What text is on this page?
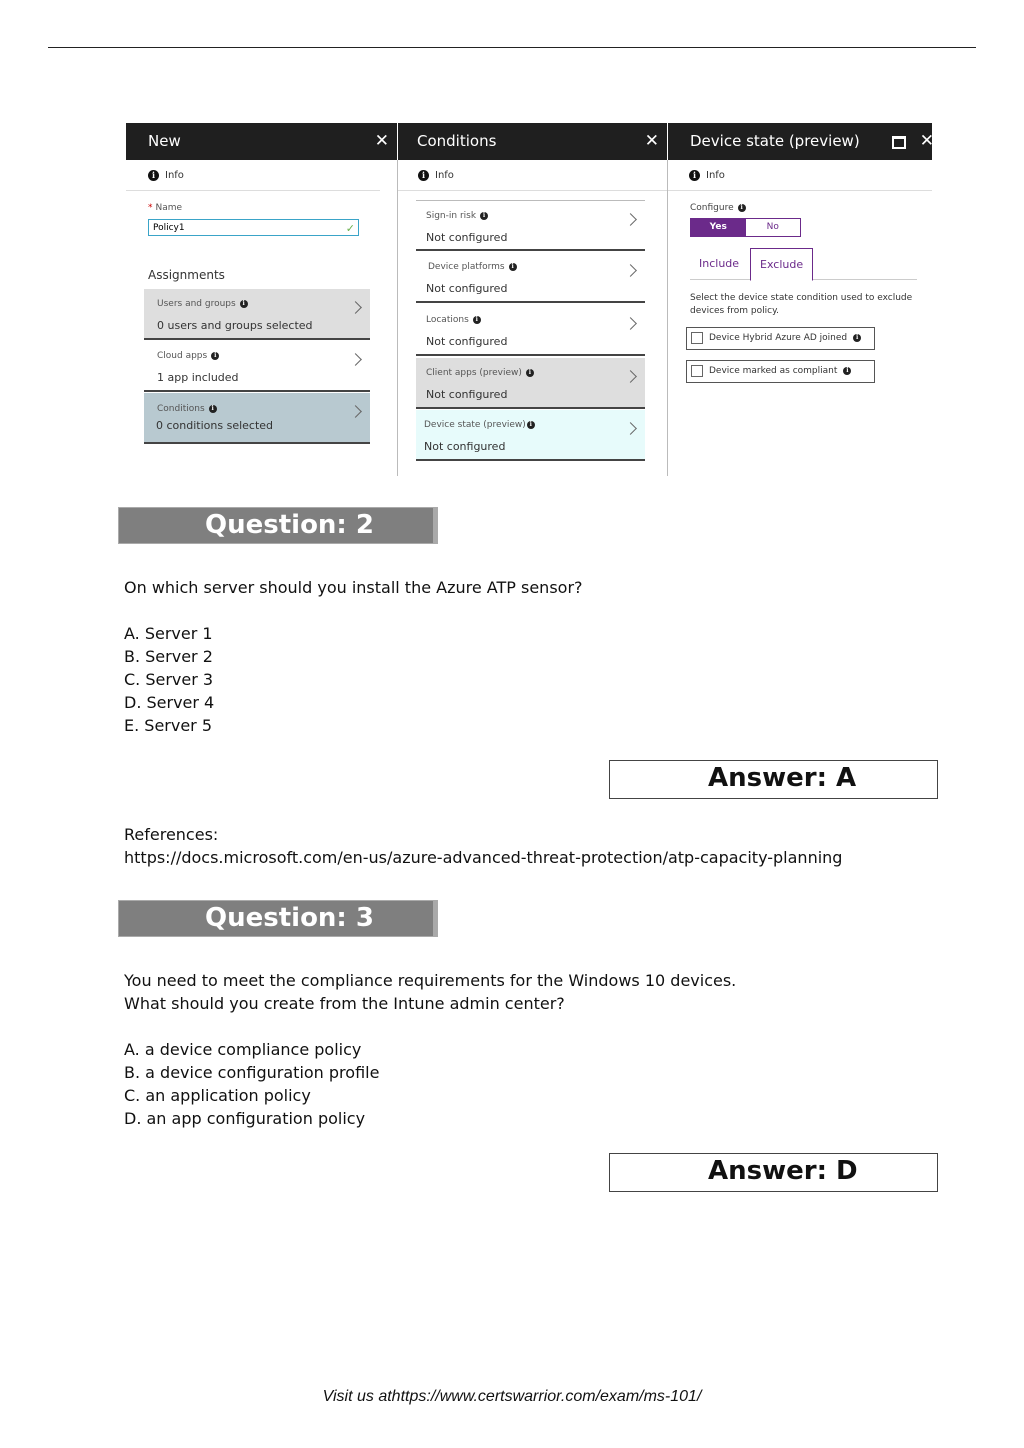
New	✕
i Info
* Name
Policy1	✓
Assignments
Users and groups i
0 users and groups selected
Cloud apps i
1 app included
Conditions i
0 conditions selected
Conditions	✕
i Info
Sign-in risk i
Not configured
Device platforms i
Not configured
Locations i
Not configured
Client apps (preview) i
Not configured
Device state (preview) i
Not configured
Device state (preview)	✕
i Info
Configure i
Yes	No
Include	Exclude
Select the device state condition used to exclude devices from policy.
Device Hybrid Azure AD joined i
Device marked as compliant i
Question: 2
On which server should you install the Azure ATP sensor?
A. Server 1
B. Server 2
C. Server 3
D. Server 4
E. Server 5
Answer: A
References:
https://docs.microsoft.com/en-us/azure-advanced-threat-protection/atp-capacity-planning
Question: 3
You need to meet the compliance requirements for the Windows 10 devices.
What should you create from the Intune admin center?
A. a device compliance policy
B. a device configuration profile
C. an application policy
D. an app configuration policy
Answer: D
Visit us athttps://www.certswarrior.com/exam/ms-101/
